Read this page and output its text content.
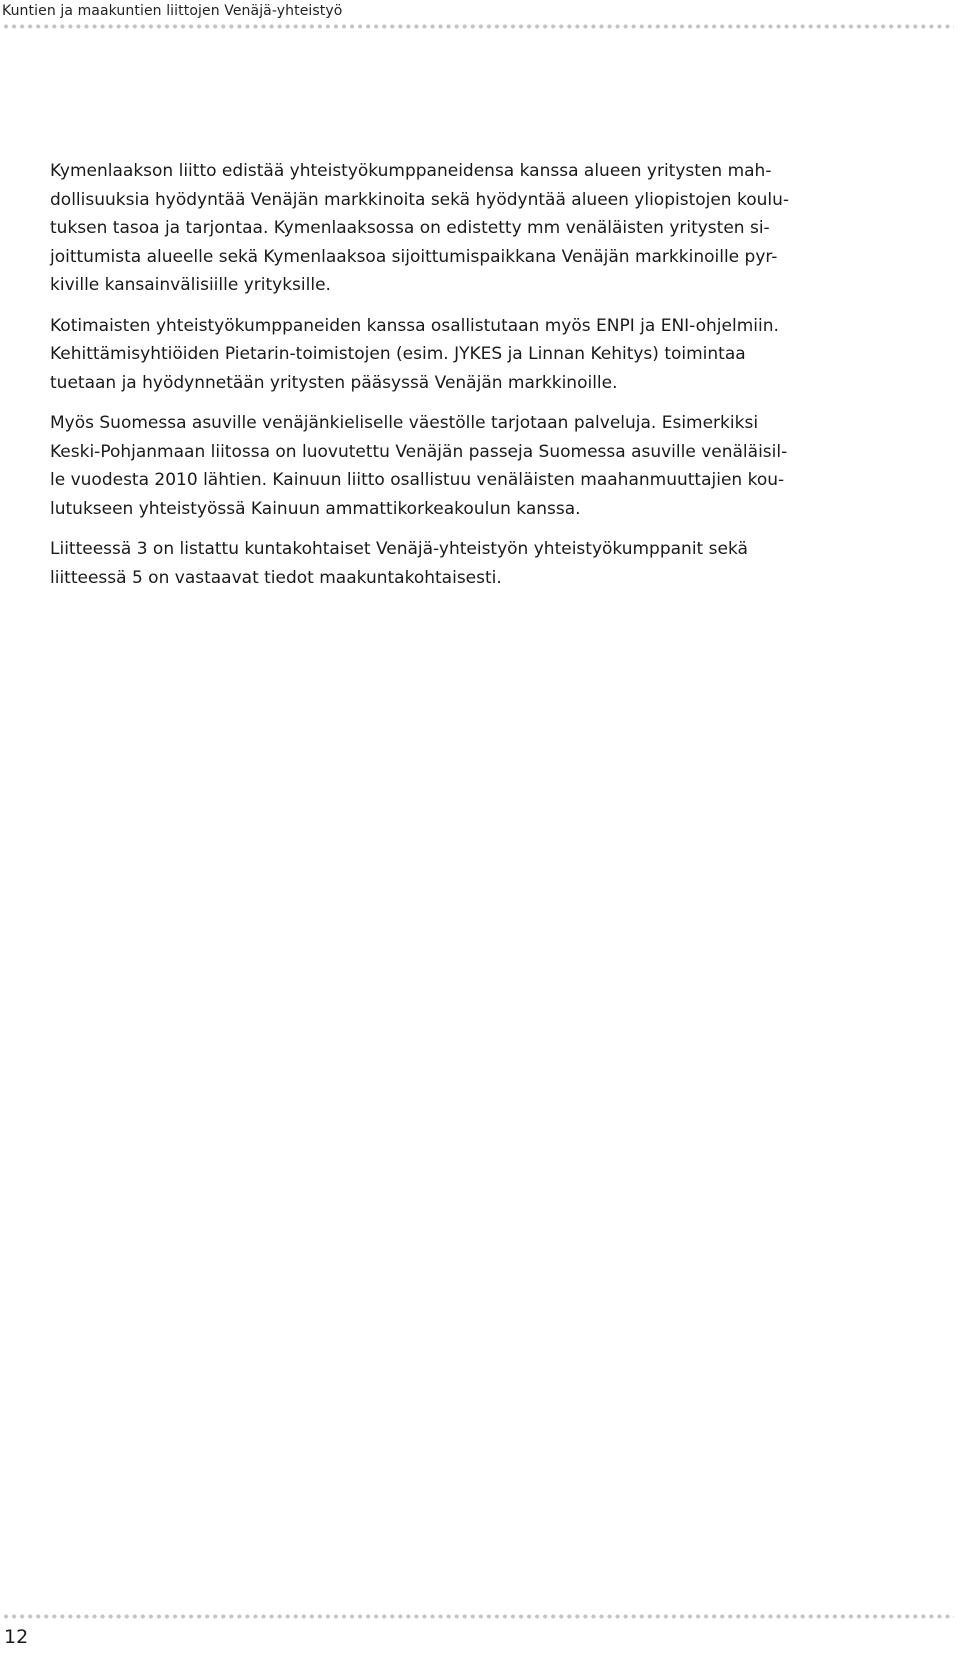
Kuntien ja maakuntien liittojen Venäjä-yhteistyö

Kymenlaakson liitto edistää yhteistyökumppaneidensa kanssa alueen yritysten mah-
dollisuuksia hyödyntää Venäjän markkinoita sekä hyödyntää alueen yliopistojen koulu-
tuksen tasoa ja tarjontaa. Kymenlaaksossa on edistetty mm venäläisten yritysten si-
joittumista alueelle sekä Kymenlaaksoa sijoittumispaikkana Venäjän markkinoille pyr-
kiville kansainvälisiille yrityksille.

Kotimaisten yhteistyökumppaneiden kanssa osallistutaan myös ENPI ja ENI-ohjelmiin.
Kehittämisyhtiöiden Pietarin-toimistojen (esim. JYKES ja Linnan Kehitys) toimintaa
tuetaan ja hyödynnetään yritysten pääsyssä Venäjän markkinoille.

Myös Suomessa asuville venäjänkieliselle väestölle tarjotaan palveluja. Esimerkiksi
Keski-Pohjanmaan liitossa on luovutettu Venäjän passeja Suomessa asuville venäläisil-
le vuodesta 2010 lähtien. Kainuun liitto osallistuu venäläisten maahanmuuttajien kou-
lutukseen yhteistyössä Kainuun ammattikorkeakoulun kanssa.

Liitteessä 3 on listattu kuntakohtaiset Venäjä-yhteistyön yhteistyökumppanit sekä
liitteessä 5 on vastaavat tiedot maakuntakohtaisesti.

12
